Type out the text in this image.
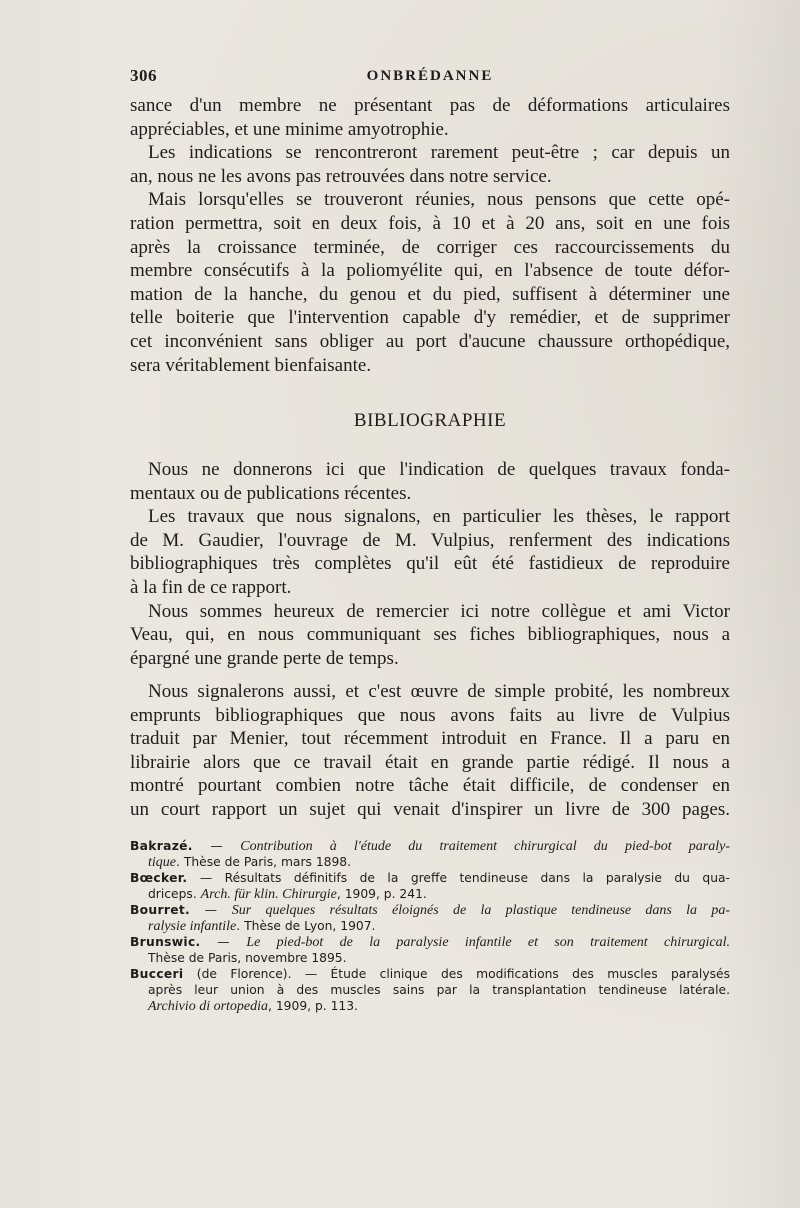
306	ONBRÉDANNE
sance d'un membre ne présentant pas de déformations articulaires
appréciables, et une minime amyotrophie.
Les indications se rencontreront rarement peut-être ; car depuis un
an, nous ne les avons pas retrouvées dans notre service.
Mais lorsqu'elles se trouveront réunies, nous pensons que cette opé-
ration permettra, soit en deux fois, à 10 et à 20 ans, soit en une fois
après la croissance terminée, de corriger ces raccourcissements du
membre consécutifs à la poliomyélite qui, en l'absence de toute défor-
mation de la hanche, du genou et du pied, suffisent à déterminer une
telle boiterie que l'intervention capable d'y remédier, et de supprimer
cet inconvénient sans obliger au port d'aucune chaussure orthopédique,
sera véritablement bienfaisante.
BIBLIOGRAPHIE
Nous ne donnerons ici que l'indication de quelques travaux fonda-
mentaux ou de publications récentes.
Les travaux que nous signalons, en particulier les thèses, le rapport
de M. Gaudier, l'ouvrage de M. Vulpius, renferment des indications
bibliographiques très complètes qu'il eût été fastidieux de reproduire
à la fin de ce rapport.
Nous sommes heureux de remercier ici notre collègue et ami Victor
Veau, qui, en nous communiquant ses fiches bibliographiques, nous a
épargné une grande perte de temps.
Nous signalerons aussi, et c'est œuvre de simple probité, les nombreux
emprunts bibliographiques que nous avons faits au livre de Vulpius
traduit par Menier, tout récemment introduit en France. Il a paru en
librairie alors que ce travail était en grande partie rédigé. Il nous a
montré pourtant combien notre tâche était difficile, de condenser en
un court rapport un sujet qui venait d'inspirer un livre de 300 pages.
Bakrazé. — Contribution à l'étude du traitement chirurgical du pied-bot paraly-
tique. Thèse de Paris, mars 1898.
Bœcker. — Résultats définitifs de la greffe tendineuse dans la paralysie du qua-
driceps. Arch. für klin. Chirurgie, 1909, p. 241.
Bourret. — Sur quelques résultats éloignés de la plastique tendineuse dans la pa-
ralysie infantile. Thèse de Lyon, 1907.
Brunswic. — Le pied-bot de la paralysie infantile et son traitement chirurgical.
Thèse de Paris, novembre 1895.
Bucceri (de Florence). — Étude clinique des modifications des muscles paralysés
après leur union à des muscles sains par la transplantation tendineuse latérale.
Archivio di ortopedia, 1909, p. 113.
